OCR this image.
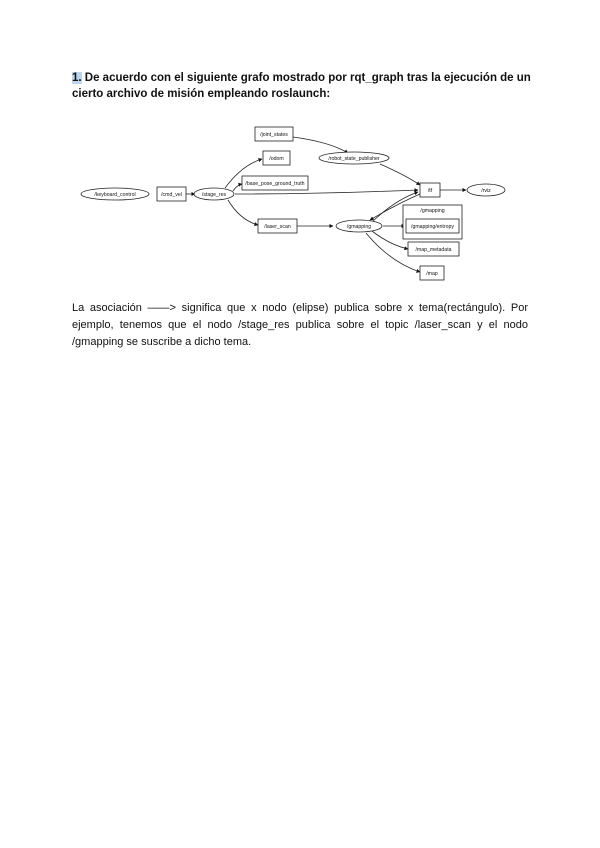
1. De acuerdo con el siguiente grafo mostrado por rqt_graph tras la ejecución de un cierto archivo de misión empleando roslaunch:
/keyboard_control	/cmd_vel	/stage_res
/joint_states
/robot_state_publisher
/odom
/base_pose_ground_truth
/tf	/rviz
/laser_scan	/gmapping
/gmapping
/gmapping/entropy
/map_metadata
/map
La asociación ——> significa que x nodo (elipse) publica sobre x tema(rectángulo). Por ejemplo, tenemos que el nodo /stage_res publica sobre el topic /laser_scan y el nodo /gmapping se suscribe a dicho tema.
